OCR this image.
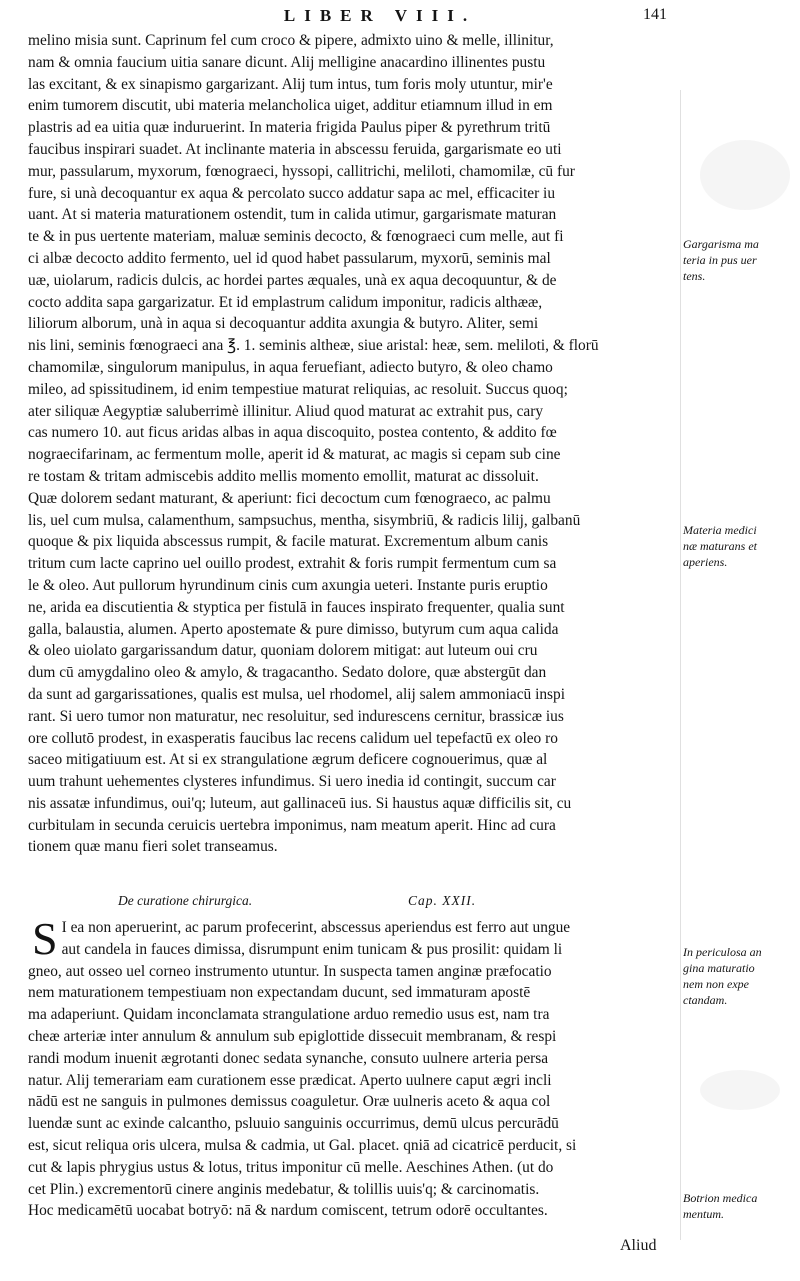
LIBER VIII.	141
melino misia sunt. Caprinum fel cum croco & pipere, admixto uino & melle, illinitur,
nam & omnia faucium uitia sanare dicunt. Alij melligine anacardino illinentes pustu
las excitant, & ex sinapismo gargarizant. Alij tum intus, tum foris moly utuntur, mir'e
enim tumorem discutit, ubi materia melancholica uiget, additur etiamnum illud in em
plastris ad ea uitia quæ induruerint. In materia frigida Paulus piper & pyrethrum tritū
faucibus inspirari suadet. At inclinante materia in abscessu feruida, gargarismate eo uti
mur, passularum, myxorum, fœnograeci, hyssopi, callitrichi, meliloti, chamomilæ, cū fur
fure, si unà decoquantur ex aqua & percolato succo addatur sapa ac mel, efficaciter iu
uant. At si materia maturationem ostendit, tum in calida utimur, gargarismate maturan
te & in pus uertente materiam, maluæ seminis decocto, & fœnograeci cum melle, aut fi
ci albæ decocto addito fermento, uel id quod habet passularum, myxorū, seminis mal
uæ, uiolarum, radicis dulcis, ac hordei partes æquales, unà ex aqua decoquuntur, & de
cocto addita sapa gargarizatur. Et id emplastrum calidum imponitur, radicis althææ,
liliorum alborum, unà in aqua si decoquantur addita axungia & butyro. Aliter, semi
nis lini, seminis fœnograeci ana ℥. 1. seminis altheæ, siue aristal: heæ, sem. meliloti, & florū
chamomilæ, singulorum manipulus, in aqua feruefiant, adiecto butyro, & oleo chamo
mileo, ad spissitudinem, id enim tempestiue maturat reliquias, ac resoluit. Succus quoq;
ater siliquæ Aegyptiæ saluberrimè illinitur. Aliud quod maturat ac extrahit pus, cary
cas numero 10. aut ficus aridas albas in aqua discoquito, postea contento, & addito fœ
nograecifarinam, ac fermentum molle, aperit id & maturat, ac magis si cepam sub cine
re tostam & tritam admiscebis addito mellis momento emollit, maturat ac dissoluit.
Quæ dolorem sedant maturant, & aperiunt: fici decoctum cum fœnograeco, ac palmu
lis, uel cum mulsa, calamenthum, sampsuchus, mentha, sisymbriū, & radicis lilij, galbanū
quoque & pix liquida abscessus rumpit, & facile maturat. Excrementum album canis
tritum cum lacte caprino uel ouillo prodest, extrahit & foris rumpit fermentum cum sa
le & oleo. Aut pullorum hyrundinum cinis cum axungia ueteri. Instante puris eruptio
ne, arida ea discutientia & styptica per fistulā in fauces inspirato frequenter, qualia sunt
galla, balaustia, alumen. Aperto apostemate & pure dimisso, butyrum cum aqua calida
& oleo uiolato gargarissandum datur, quoniam dolorem mitigat: aut luteum oui cru
dum cū amygdalino oleo & amylo, & tragacantho. Sedato dolore, quæ abstergūt dan
da sunt ad gargarissationes, qualis est mulsa, uel rhodomel, alij salem ammoniacū inspi
rant. Si uero tumor non maturatur, nec resoluitur, sed indurescens cernitur, brassicæ ius
ore collutō prodest, in exasperatis faucibus lac recens calidum uel tepefactū ex oleo ro
saceo mitigatiuum est. At si ex strangulatione ægrum deficere cognouerimus, quæ al
uum trahunt uehementes clysteres infundimus. Si uero inedia id contingit, succum car
nis assatæ infundimus, oui'q; luteum, aut gallinaceū ius. Si haustus aquæ difficilis sit, cu
curbitulam in secunda ceruicis uertebra imponimus, nam meatum aperit. Hinc ad cura
tionem quæ manu fieri solet transeamus.
De curatione chirurgica.	Cap. XXII.
S I ea non aperuerint, ac parum profecerint, abscessus aperiendus est ferro aut ungue
aut candela in fauces dimissa, disrumpunt enim tunicam & pus prosilit: quidam li
gneo, aut osseo uel corneo instrumento utuntur. In suspecta tamen anginæ præfocatio
nem maturationem tempestiuam non expectandam ducunt, sed immaturam apostē
ma adaperiunt. Quidam inconclamata strangulatione arduo remedio usus est, nam tra
cheæ arteriæ inter annulum & annulum sub epiglottide dissecuit membranam, & respi
randi modum inuenit ægrotanti donec sedata synanche, consuto uulnere arteria persa
natur. Alij temerariam eam curationem esse prædicat. Aperto uulnere caput ægri incli
nādū est ne sanguis in pulmones demissus coaguletur. Oræ uulneris aceto & aqua col
luendæ sunt ac exinde calcantho, psluuio sanguinis occurrimus, demū ulcus percurādū
est, sicut reliqua oris ulcera, mulsa & cadmia, ut Gal. placet. qniā ad cicatricē perducit, si
cut & lapis phrygius ustus & lotus, tritus imponitur cū melle. Aeschines Athen. (ut do
cet Plin.) excrementorū cinere anginis medebatur, & tolillis uuis'q; & carcinomatis.
Hoc medicamētū uocabat botryō: nā & nardum comiscent, tetrum odorē occultantes.
Aliud
Gargarisma ma
teria in pus uer
tens.
Materia medici
næ maturans et
aperiens.
In periculosa an
gina maturatio
nem non expe
ctandam.
Botrion medica
mentum.
